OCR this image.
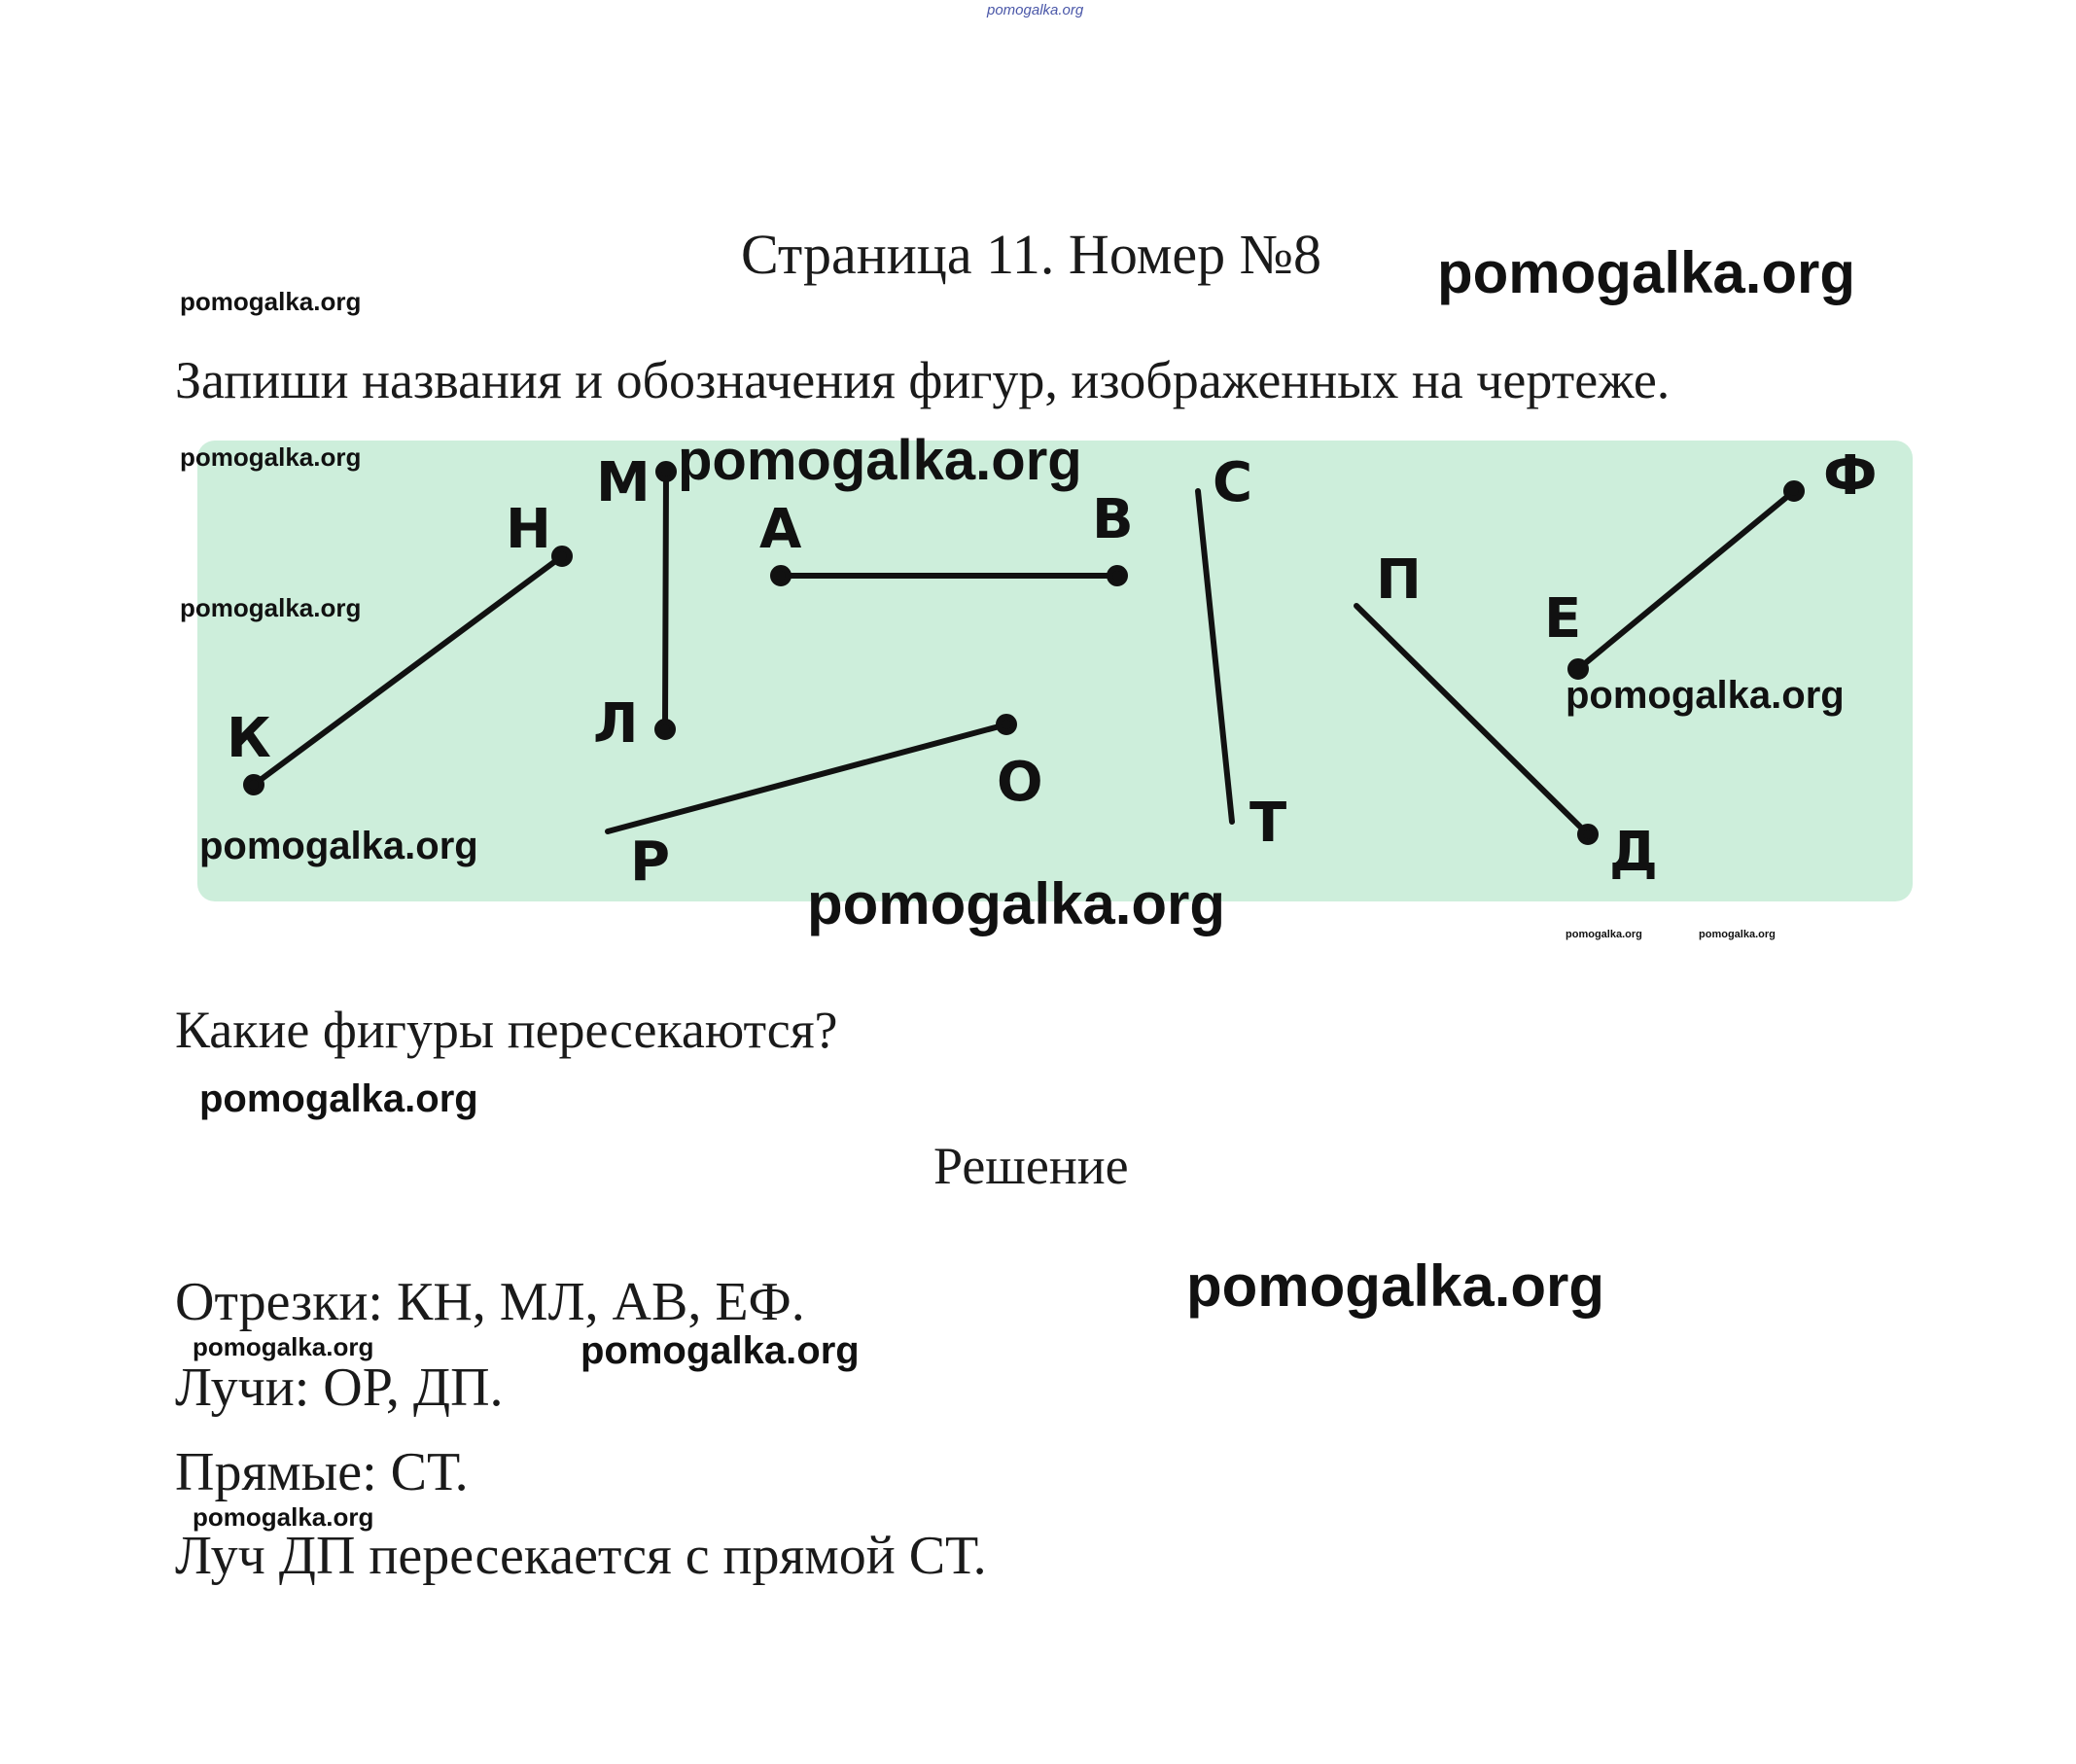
pomogalka.org
Страница 11. Номер №8 pomogalka.org
pomogalka.org
Запиши названия и обозначения фигур, изображенных на чертеже.
К
Н
М
Л
А	В
Р
О
С
Т
П
Д
Е
Ф
pomogalka.org	pomogalka.org
pomogalka.org
pomogalka.org
pomogalka.org
pomogalka.org	pomogalka.org	pomogalka.org
Какие фигуры пересекаются?
pomogalka.org
Решение
pomogalka.org
Отрезки: КН, МЛ, АВ, ЕФ.
pomogalka.org	pomogalka.org
Лучи: ОР, ДП.
Прямые: СТ.
pomogalka.org
Луч ДП пересекается с прямой СТ.
